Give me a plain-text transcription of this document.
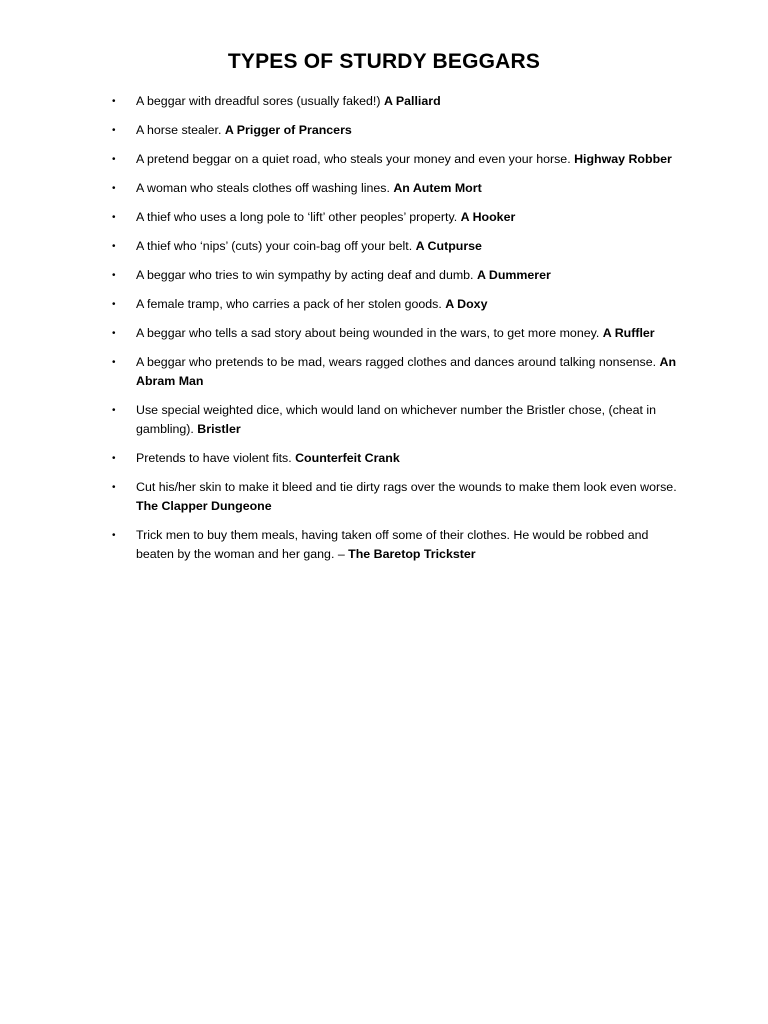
TYPES OF STURDY BEGGARS
• A beggar with dreadful sores (usually faked!) A Palliard
• A horse stealer. A Prigger of Prancers
• A pretend beggar on a quiet road, who steals your money and even your horse. Highway Robber
• A woman who steals clothes off washing lines. An Autem Mort
• A thief who uses a long pole to ‘lift’ other peoples’ property. A Hooker
• A thief who ‘nips’ (cuts) your coin-bag off your belt. A Cutpurse
• A beggar who tries to win sympathy by acting deaf and dumb. A Dummerer
• A female tramp, who carries a pack of her stolen goods. A Doxy
• A beggar who tells a sad story about being wounded in the wars, to get more money. A Ruffler
• A beggar who pretends to be mad, wears ragged clothes and dances around talking nonsense. An Abram Man
• Use special weighted dice, which would land on whichever number the Bristler chose, (cheat in gambling). Bristler
• Pretends to have violent fits. Counterfeit Crank
• Cut his/her skin to make it bleed and tie dirty rags over the wounds to make them look even worse. The Clapper Dungeone
• Trick men to buy them meals, having taken off some of their clothes. He would be robbed and beaten by the woman and her gang. – The Baretop Trickster
